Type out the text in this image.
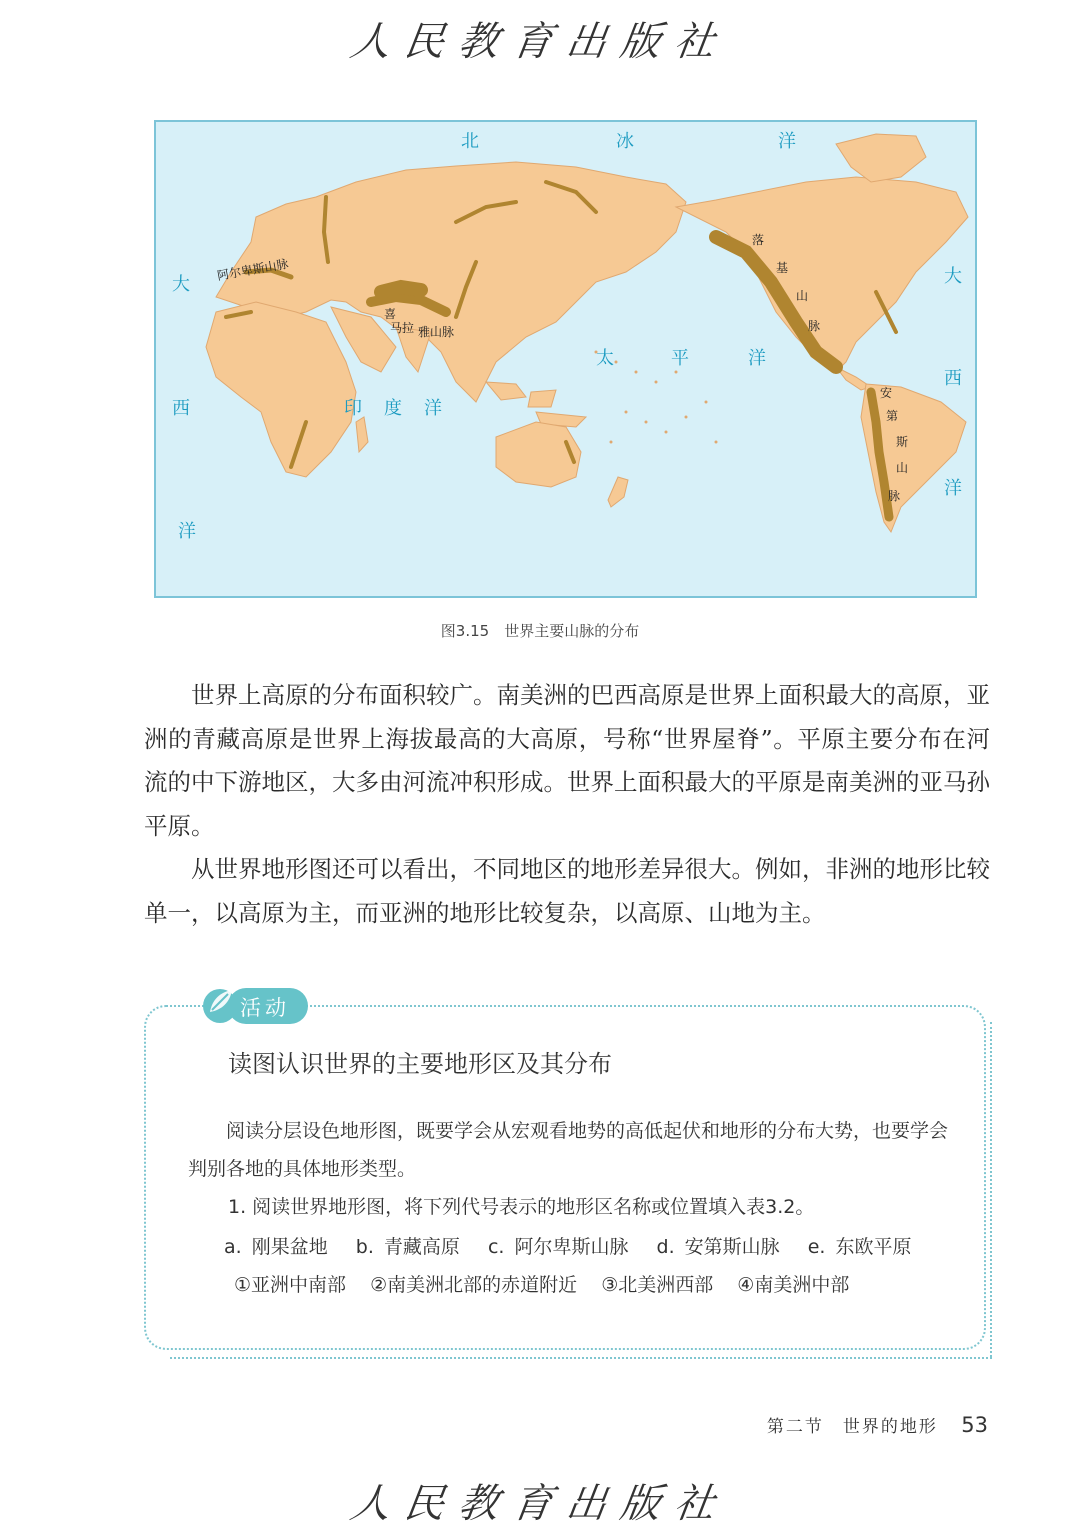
人民教育出版社
北	冰	洋
大
西
洋
大
西
洋
太	平	洋
印 度 洋
阿尔卑斯山脉
喜
马拉 雅山脉
落
基
山
脉
安
第
斯
山
脉
图3.15　世界主要山脉的分布

世界上高原的分布面积较广。南美洲的巴西高原是世界上面积最大的高原，亚洲的青藏高原是世界上海拔最高的大高原，号称“世界屋脊”。平原主要分布在河流的中下游地区，大多由河流冲积形成。世界上面积最大的平原是南美洲的亚马孙平原。

从世界地形图还可以看出，不同地区的地形差异很大。例如，非洲的地形比较单一，以高原为主，而亚洲的地形比较复杂，以高原、山地为主。

活动
读图认识世界的主要地形区及其分布

阅读分层设色地形图，既要学会从宏观看地势的高低起伏和地形的分布大势，也要学会判别各地的具体地形类型。

1. 阅读世界地形图，将下列代号表示的地形区名称或位置填入表3.2。

a. 刚果盆地 b. 青藏高原 c. 阿尔卑斯山脉 d. 安第斯山脉 e. 东欧平原

①亚洲中南部 ②南美洲北部的赤道附近 ③北美洲西部 ④南美洲中部

第二节　世界的地形 53
人民教育出版社
